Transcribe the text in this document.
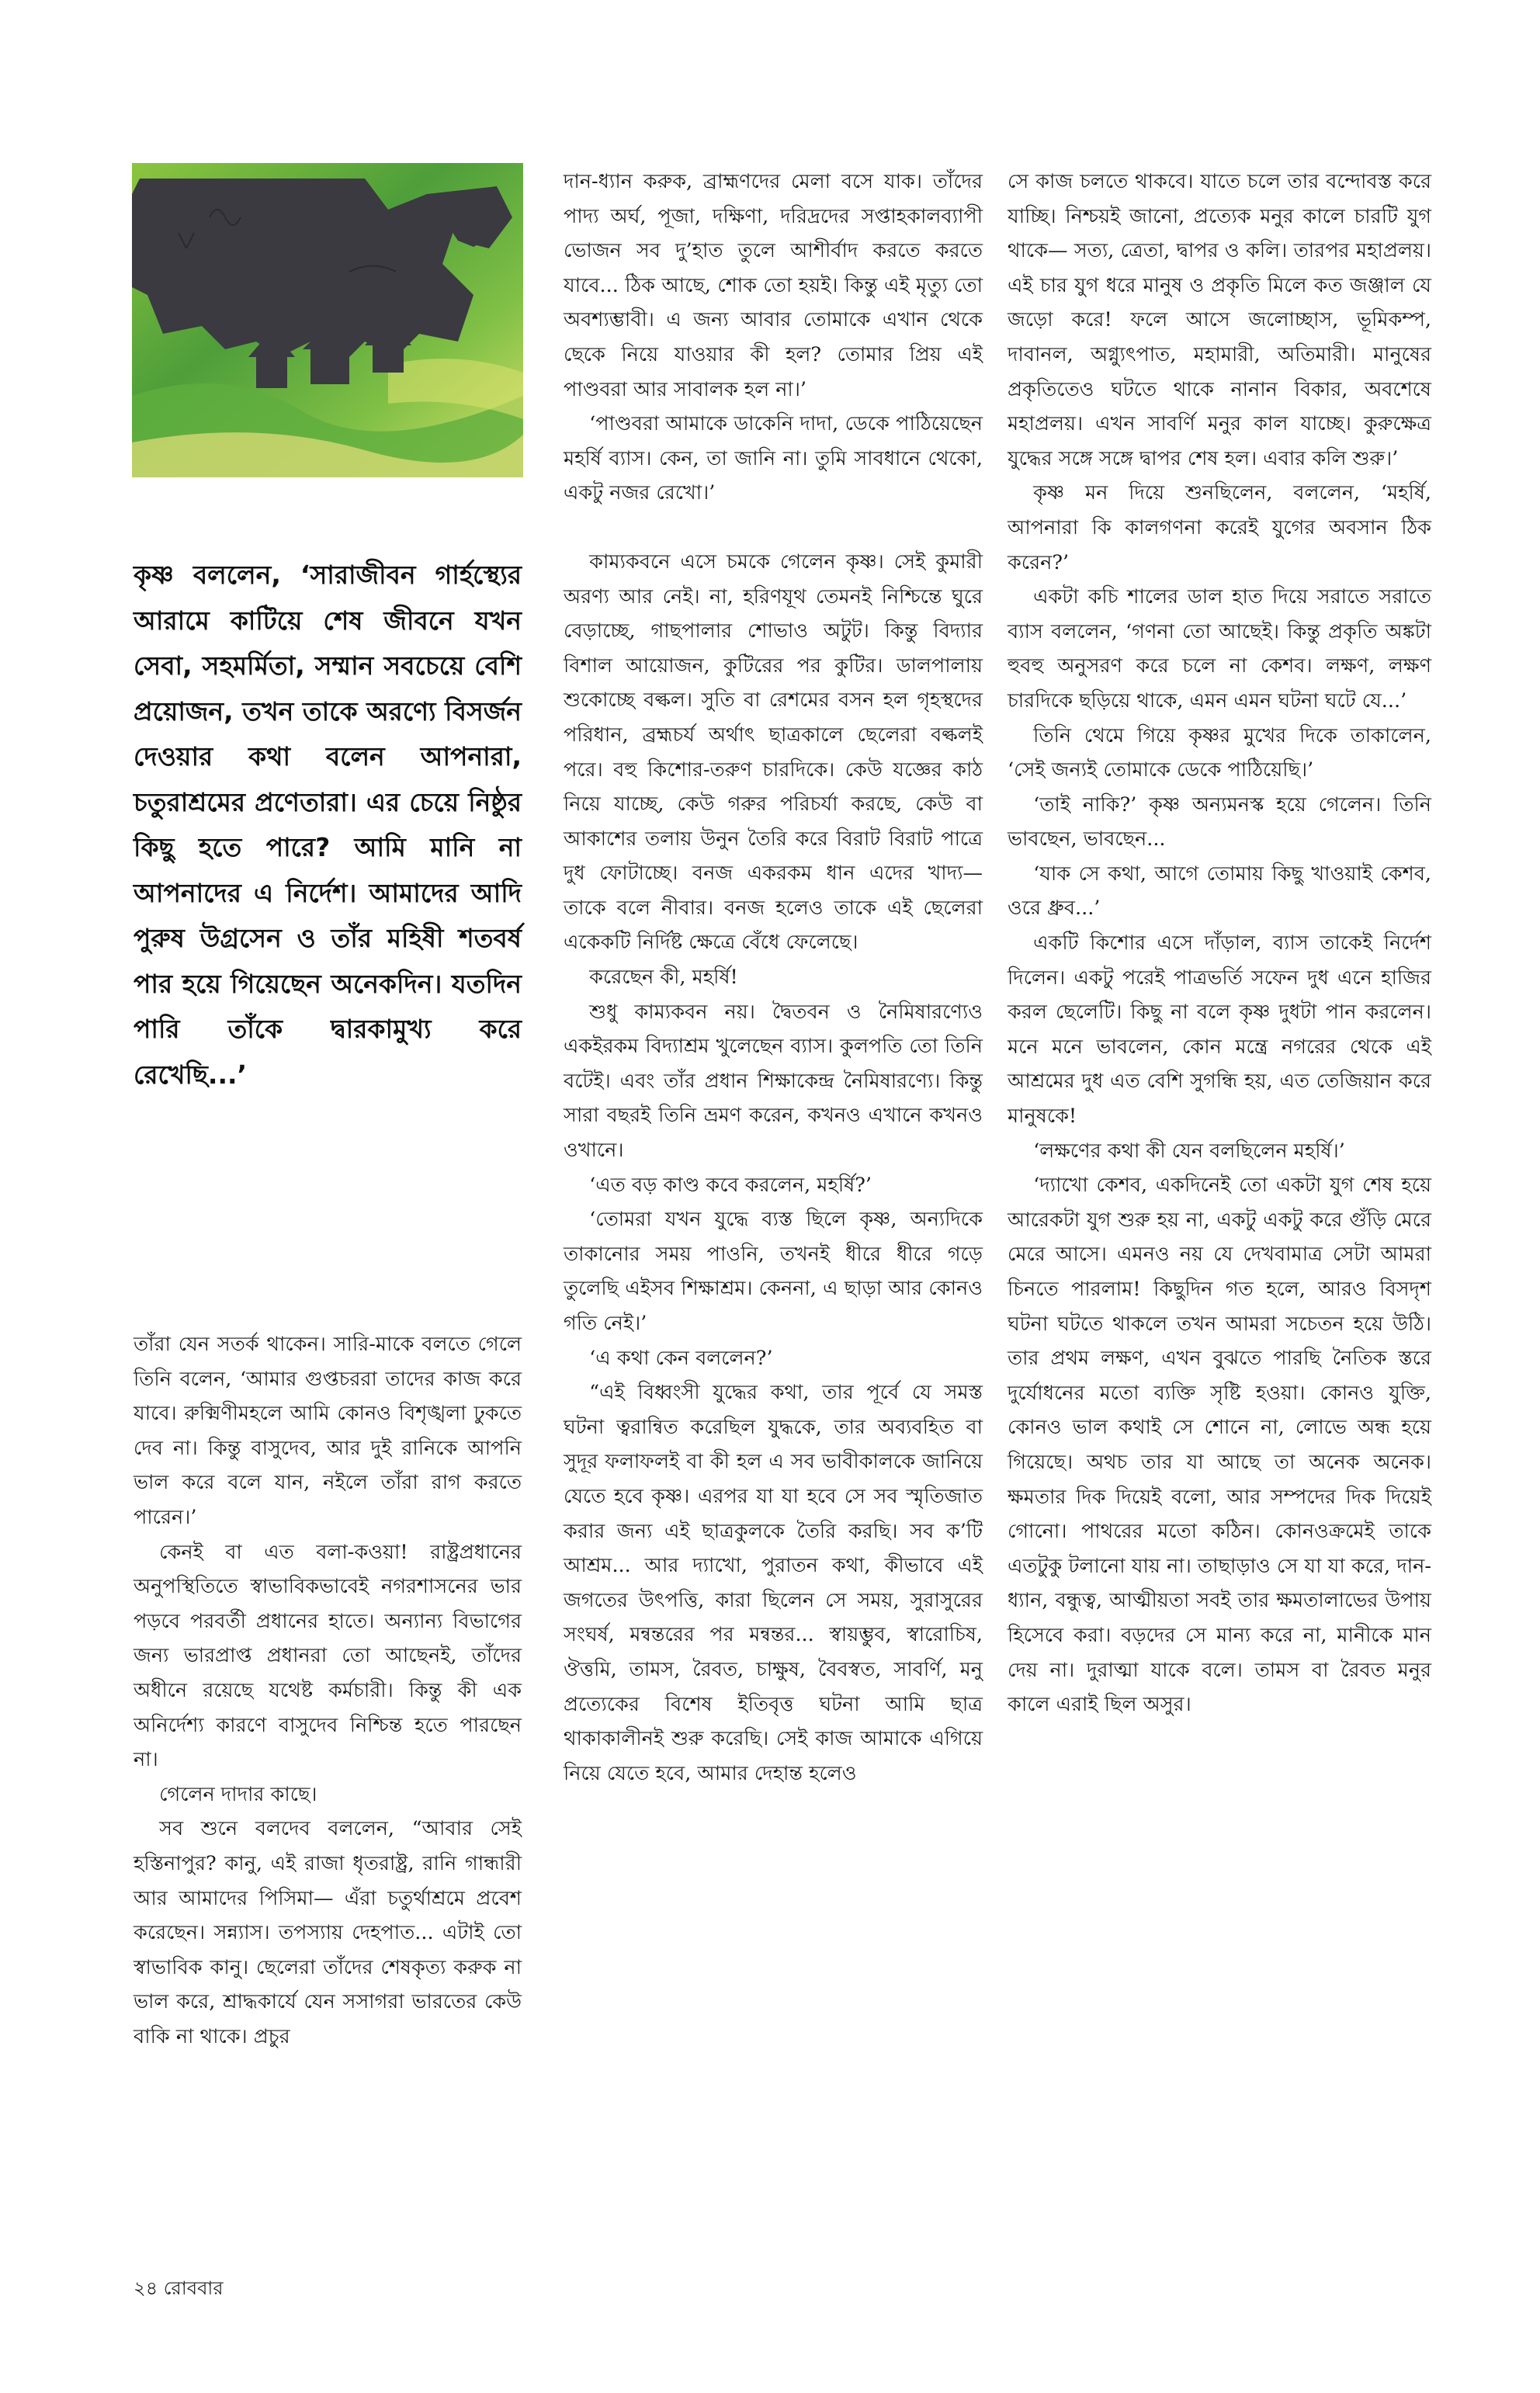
কৃষ্ণ বললেন, ‘সারাজীবন গার্হস্থ্যের আরামে কাটিয়ে শেষ জীবনে যখন সেবা, সহমর্মিতা, সম্মান সবচেয়ে বেশি প্রয়োজন, তখন তাকে অরণ্যে বিসর্জন দেওয়ার কথা বলেন আপনারা, চতুরাশ্রমের প্রণেতারা। এর চেয়ে নিষ্ঠুর কিছু হতে পারে? আমি মানি না আপনাদের এ নির্দেশ। আমাদের আদি পুরুষ উগ্রসেন ও তাঁর মহিষী শতবর্ষ পার হয়ে গিয়েছেন অনেকদিন। যতদিন পারি তাঁকে দ্বারকামুখ্য করে রেখেছি...’

তাঁরা যেন সতর্ক থাকেন। সারি-মাকে বলতে গেলে তিনি বলেন, ‘আমার গুপ্তচররা তাদের কাজ করে যাবে। রুক্মিণীমহলে আমি কোনও বিশৃঙ্খলা ঢুকতে দেব না। কিন্তু বাসুদেব, আর দুই রানিকে আপনি ভাল করে বলে যান, নইলে তাঁরা রাগ করতে পারেন।’

কেনই বা এত বলা-কওয়া! রাষ্ট্রপ্রধানের অনুপস্থিতিতে স্বাভাবিকভাবেই নগরশাসনের ভার পড়বে পরবর্তী প্রধানের হাতে। অন্যান্য বিভাগের জন্য ভারপ্রাপ্ত প্রধানরা তো আছেনই, তাঁদের অধীনে রয়েছে যথেষ্ট কর্মচারী। কিন্তু কী এক অনির্দেশ্য কারণে বাসুদেব নিশ্চিন্ত হতে পারছেন না।

গেলেন দাদার কাছে।

সব শুনে বলদেব বললেন, “আবার সেই হস্তিনাপুর? কানু, এই রাজা ধৃতরাষ্ট্র, রানি গান্ধারী আর আমাদের পিসিমা— এঁরা চতুর্থাশ্রমে প্রবেশ করেছেন। সন্ন্যাস। তপস্যায় দেহপাত... এটাই তো স্বাভাবিক কানু। ছেলেরা তাঁদের শেষকৃত্য করুক না ভাল করে, শ্রাদ্ধকার্যে যেন সসাগরা ভারতের কেউ বাকি না থাকে। প্রচুর

দান-ধ্যান করুক, ব্রাহ্মণদের মেলা বসে যাক। তাঁদের পাদ্য অর্ঘ, পূজা, দক্ষিণা, দরিদ্রদের সপ্তাহকালব্যাপী ভোজন সব দু’হাত তুলে আশীর্বাদ করতে করতে যাবে... ঠিক আছে, শোক তো হয়ই। কিন্তু এই মৃত্যু তো অবশ্যম্ভাবী। এ জন্য আবার তোমাকে এখান থেকে ছেকে নিয়ে যাওয়ার কী হল? তোমার প্রিয় এই পাণ্ডবরা আর সাবালক হল না।’

‘পাণ্ডবরা আমাকে ডাকেনি দাদা, ডেকে পাঠিয়েছেন মহর্ষি ব্যাস। কেন, তা জানি না। তুমি সাবধানে থেকো, একটু নজর রেখো।’

কাম্যকবনে এসে চমকে গেলেন কৃষ্ণ। সেই কুমারী অরণ্য আর নেই। না, হরিণযূথ তেমনই নিশ্চিন্তে ঘুরে বেড়াচ্ছে, গাছপালার শোভাও অটুট। কিন্তু বিদ্যার বিশাল আয়োজন, কুটিরের পর কুটির। ডালপালায় শুকোচ্ছে বল্কল। সুতি বা রেশমের বসন হল গৃহস্থদের পরিধান, ব্রহ্মচর্য অর্থাৎ ছাত্রকালে ছেলেরা বল্কলই পরে। বহু কিশোর-তরুণ চারদিকে। কেউ যজ্ঞের কাঠ নিয়ে যাচ্ছে, কেউ গরুর পরিচর্যা করছে, কেউ বা আকাশের তলায় উনুন তৈরি করে বিরাট বিরাট পাত্রে দুধ ফোটাচ্ছে। বনজ একরকম ধান এদের খাদ্য— তাকে বলে নীবার। বনজ হলেও তাকে এই ছেলেরা একেকটি নির্দিষ্ট ক্ষেত্রে বেঁধে ফেলেছে।

করেছেন কী, মহর্ষি!

শুধু কাম্যকবন নয়। দ্বৈতবন ও নৈমিষারণ্যেও একইরকম বিদ্যাশ্রম খুলেছেন ব্যাস। কুলপতি তো তিনি বটেই। এবং তাঁর প্রধান শিক্ষাকেন্দ্র নৈমিষারণ্যে। কিন্তু সারা বছরই তিনি ভ্রমণ করেন, কখনও এখানে কখনও ওখানে।

‘এত বড় কাণ্ড কবে করলেন, মহর্ষি?’

‘তোমরা যখন যুদ্ধে ব্যস্ত ছিলে কৃষ্ণ, অন্যদিকে তাকানোর সময় পাওনি, তখনই ধীরে ধীরে গড়ে তুলেছি এইসব শিক্ষাশ্রম। কেননা, এ ছাড়া আর কোনও গতি নেই।’

‘এ কথা কেন বললেন?’

“এই বিধ্বংসী যুদ্ধের কথা, তার পূর্বে যে সমস্ত ঘটনা ত্বরান্বিত করেছিল যুদ্ধকে, তার অব্যবহিত বা সুদূর ফলাফলই বা কী হল এ সব ভাবীকালকে জানিয়ে যেতে হবে কৃষ্ণ। এরপর যা যা হবে সে সব স্মৃতিজাত করার জন্য এই ছাত্রকুলকে তৈরি করছি। সব ক’টি আশ্রম... আর দ্যাখো, পুরাতন কথা, কীভাবে এই জগতের উৎপত্তি, কারা ছিলেন সে সময়, সুরাসুরের সংঘর্ষ, মন্বন্তরের পর মন্বন্তর... স্বায়ম্ভুব, স্বারোচিষ, ঔত্তমি, তামস, রৈবত, চাক্ষুষ, বৈবস্বত, সাবর্ণি, মনু প্রত্যেকের বিশেষ ইতিবৃত্ত ঘটনা আমি ছাত্র থাকাকালীনই শুরু করেছি। সেই কাজ আমাকে এগিয়ে নিয়ে যেতে হবে, আমার দেহান্ত হলেও

সে কাজ চলতে থাকবে। যাতে চলে তার বন্দোবস্ত করে যাচ্ছি। নিশ্চয়ই জানো, প্রত্যেক মনুর কালে চারটি যুগ থাকে— সত্য, ত্রেতা, দ্বাপর ও কলি। তারপর মহাপ্রলয়। এই চার যুগ ধরে মানুষ ও প্রকৃতি মিলে কত জঞ্জাল যে জড়ো করে! ফলে আসে জলোচ্ছাস, ভূমিকম্প, দাবানল, অগ্ন্যুৎপাত, মহামারী, অতিমারী। মানুষের প্রকৃতিতেও ঘটতে থাকে নানান বিকার, অবশেষে মহাপ্রলয়। এখন সাবর্ণি মনুর কাল যাচ্ছে। কুরুক্ষেত্র যুদ্ধের সঙ্গে সঙ্গে দ্বাপর শেষ হল। এবার কলি শুরু।’

কৃষ্ণ মন দিয়ে শুনছিলেন, বললেন, ‘মহর্ষি, আপনারা কি কালগণনা করেই যুগের অবসান ঠিক করেন?’

একটা কচি শালের ডাল হাত দিয়ে সরাতে সরাতে ব্যাস বললেন, ‘গণনা তো আছেই। কিন্তু প্রকৃতি অঙ্কটা হুবহু অনুসরণ করে চলে না কেশব। লক্ষণ, লক্ষণ চারদিকে ছড়িয়ে থাকে, এমন এমন ঘটনা ঘটে যে...’

তিনি থেমে গিয়ে কৃষ্ণর মুখের দিকে তাকালেন, ‘সেই জন্যই তোমাকে ডেকে পাঠিয়েছি।’

‘তাই নাকি?’ কৃষ্ণ অন্যমনস্ক হয়ে গেলেন। তিনি ভাবছেন, ভাবছেন...

‘যাক সে কথা, আগে তোমায় কিছু খাওয়াই কেশব, ওরে ধ্রুব...’

একটি কিশোর এসে দাঁড়াল, ব্যাস তাকেই নির্দেশ দিলেন। একটু পরেই পাত্রভর্তি সফেন দুধ এনে হাজির করল ছেলেটি। কিছু না বলে কৃষ্ণ দুধটা পান করলেন। মনে মনে ভাবলেন, কোন মন্ত্রে নগরের থেকে এই আশ্রমের দুধ এত বেশি সুগন্ধি হয়, এত তেজিয়ান করে মানুষকে!

‘লক্ষণের কথা কী যেন বলছিলেন মহর্ষি।’

‘দ্যাখো কেশব, একদিনেই তো একটা যুগ শেষ হয়ে আরেকটা যুগ শুরু হয় না, একটু একটু করে গুঁড়ি মেরে মেরে আসে। এমনও নয় যে দেখবামাত্র সেটা আমরা চিনতে পারলাম! কিছুদিন গত হলে, আরও বিসদৃশ ঘটনা ঘটতে থাকলে তখন আমরা সচেতন হয়ে উঠি। তার প্রথম লক্ষণ, এখন বুঝতে পারছি নৈতিক স্তরে দুর্যোধনের মতো ব্যক্তি সৃষ্টি হওয়া। কোনও যুক্তি, কোনও ভাল কথাই সে শোনে না, লোভে অন্ধ হয়ে গিয়েছে। অথচ তার যা আছে তা অনেক অনেক। ক্ষমতার দিক দিয়েই বলো, আর সম্পদের দিক দিয়েই গোনো। পাথরের মতো কঠিন। কোনওক্রমেই তাকে এতটুকু টলানো যায় না। তাছাড়াও সে যা যা করে, দান-ধ্যান, বন্ধুত্ব, আত্মীয়তা সবই তার ক্ষমতালাভের উপায় হিসেবে করা। বড়দের সে মান্য করে না, মানীকে মান দেয় না। দুরাত্মা যাকে বলে। তামস বা রৈবত মনুর কালে এরাই ছিল অসুর।

২৪ রোববার
